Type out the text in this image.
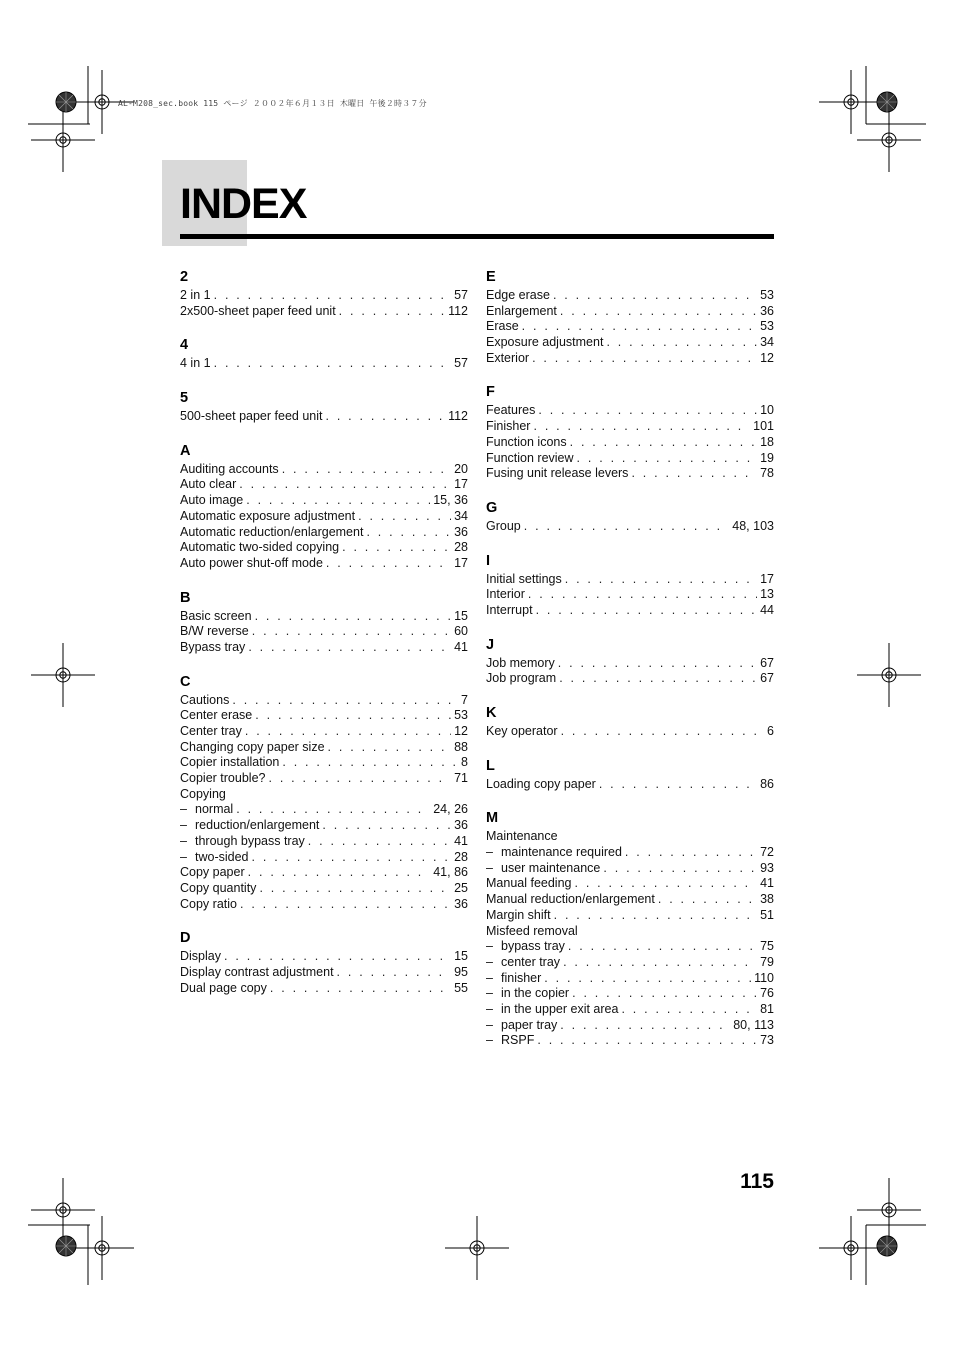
AL-M208_sec.book 115 ページ ２００２年６月１３日 木曜日 午後２時３７分
INDEX
2
2 in 1 . . .	57
2x500-sheet paper feed unit . . .	112
4
4 in 1 . . .	57
5
500-sheet paper feed unit . . .	112
A
Auditing accounts . . .	20
Auto clear . . .	17
Auto image . . .	15, 36
Automatic exposure adjustment . . .	34
Automatic reduction/enlargement . . .	36
Automatic two-sided copying . . .	28
Auto power shut-off mode . . .	17
B
Basic screen . . .	15
B/W reverse . . .	60
Bypass tray . . .	41
C
Cautions . . .	7
Center erase . . .	53
Center tray . . .	12
Changing copy paper size . . .	88
Copier installation . . .	8
Copier trouble? . . .	71
Copying
– normal . . .	24, 26
– reduction/enlargement . . .	36
– through bypass tray . . .	41
– two-sided . . .	28
Copy paper . . .	41, 86
Copy quantity . . .	25
Copy ratio . . .	36
D
Display . . .	15
Display contrast adjustment . . .	95
Dual page copy . . .	55
E
Edge erase . . .	53
Enlargement . . .	36
Erase . . .	53
Exposure adjustment . . .	34
Exterior . . .	12
F
Features . . .	10
Finisher . . .	101
Function icons . . .	18
Function review . . .	19
Fusing unit release levers . . .	78
G
Group . . .	48, 103
I
Initial settings . . .	17
Interior . . .	13
Interrupt . . .	44
J
Job memory . . .	67
Job program . . .	67
K
Key operator . . .	6
L
Loading copy paper . . .	86
M
Maintenance
– maintenance required . . .	72
– user maintenance . . .	93
Manual feeding . . .	41
Manual reduction/enlargement . . .	38
Margin shift . . .	51
Misfeed removal
– bypass tray . . .	75
– center tray . . .	79
– finisher . . .	110
– in the copier . . .	76
– in the upper exit area . . .	81
– paper tray . . .	80, 113
– RSPF . . .	73
115
